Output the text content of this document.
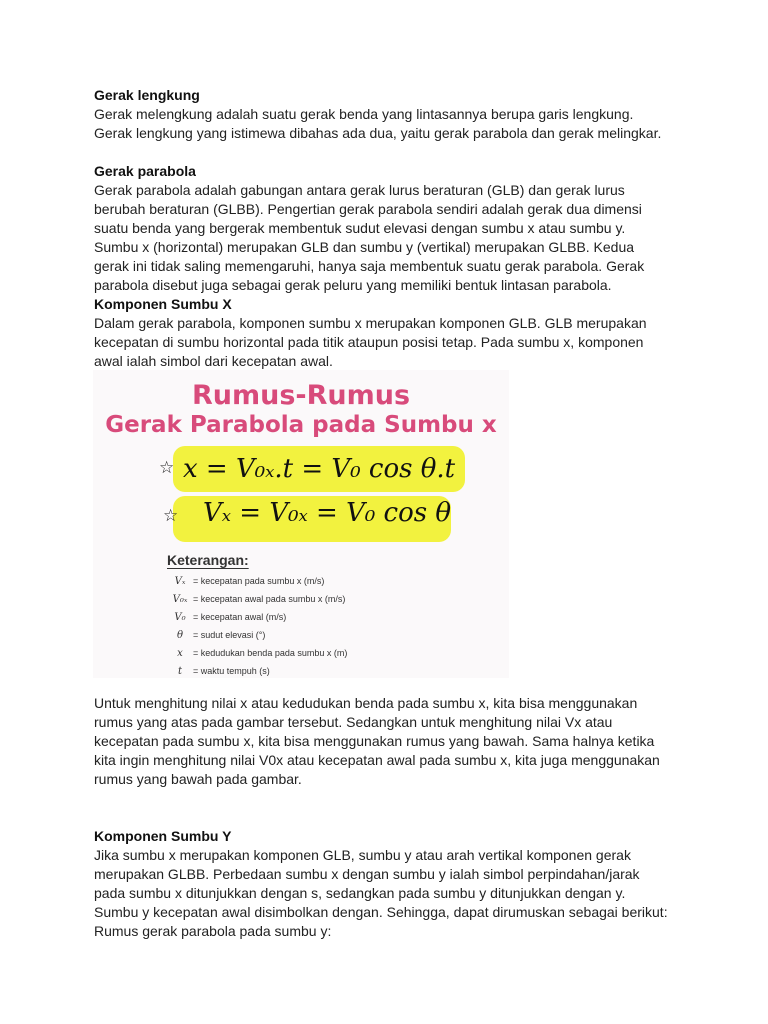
Gerak lengkung

Gerak melengkung adalah suatu gerak benda yang lintasannya berupa garis lengkung.

Gerak lengkung yang istimewa dibahas ada dua, yaitu gerak parabola dan gerak melingkar.

Gerak parabola

Gerak parabola adalah gabungan antara gerak lurus beraturan (GLB) dan gerak lurus

berubah beraturan (GLBB). Pengertian gerak parabola sendiri adalah gerak dua dimensi

suatu benda yang bergerak membentuk sudut elevasi dengan sumbu x atau sumbu y.

Sumbu x (horizontal) merupakan GLB dan sumbu y (vertikal) merupakan GLBB. Kedua

gerak ini tidak saling memengaruhi, hanya saja membentuk suatu gerak parabola. Gerak

parabola disebut juga sebagai gerak peluru yang memiliki bentuk lintasan parabola.

Komponen Sumbu X

Dalam gerak parabola, komponen sumbu x merupakan komponen GLB. GLB merupakan

kecepatan di sumbu horizontal pada titik ataupun posisi tetap. Pada sumbu x, komponen

awal ialah simbol dari kecepatan awal.

Rumus-Rumus
Gerak Parabola pada Sumbu x
☆
☆
x = V₀ₓ.t = V₀ cos θ.t
Vₓ = V₀ₓ = V₀ cos θ
Keterangan:
Vₓ = kecepatan pada sumbu x (m/s)
V₀ₓ = kecepatan awal pada sumbu x (m/s)
V₀ = kecepatan awal (m/s)
θ	= sudut elevasi (°)
x	= kedudukan benda pada sumbu x (m)
t	= waktu tempuh (s)

Untuk menghitung nilai x atau kedudukan benda pada sumbu x, kita bisa menggunakan

rumus yang atas pada gambar tersebut. Sedangkan untuk menghitung nilai Vx atau

kecepatan pada sumbu x, kita bisa menggunakan rumus yang bawah. Sama halnya ketika

kita ingin menghitung nilai V0x atau kecepatan awal pada sumbu x, kita juga menggunakan

rumus yang bawah pada gambar.

Komponen Sumbu Y

Jika sumbu x merupakan komponen GLB, sumbu y atau arah vertikal komponen gerak

merupakan GLBB. Perbedaan sumbu x dengan sumbu y ialah simbol perpindahan/jarak

pada sumbu x ditunjukkan dengan s, sedangkan pada sumbu y ditunjukkan dengan y.

Sumbu y kecepatan awal disimbolkan dengan. Sehingga, dapat dirumuskan sebagai berikut:

Rumus gerak parabola pada sumbu y:
